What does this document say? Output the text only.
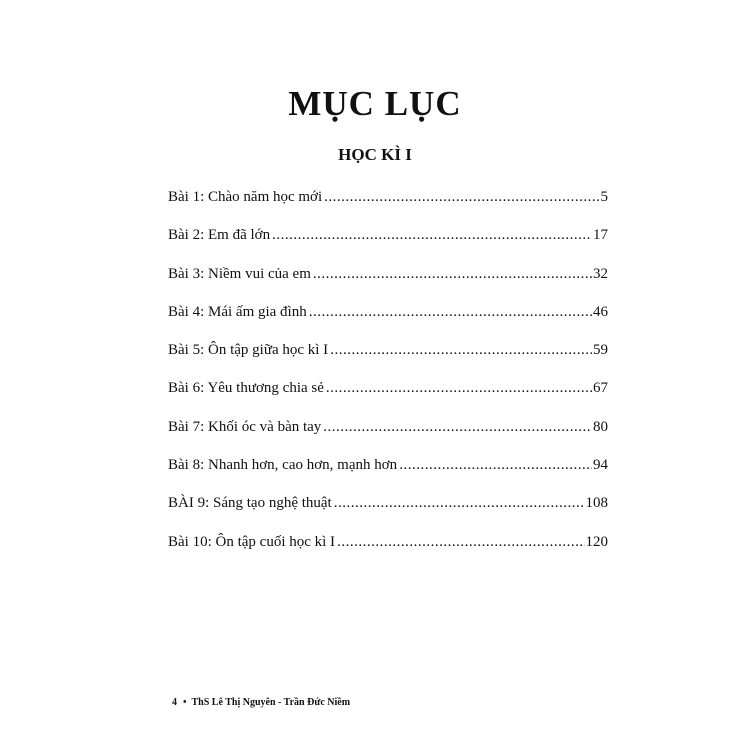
MỤC LỤC
HỌC KÌ I
Bài 1: Chào năm học mới .....	5
Bài 2: Em đã lớn .....	17
Bài 3: Niềm vui của em .....	32
Bài 4: Mái ấm gia đình .....	46
Bài 5: Ôn tập giữa học kì I .....	59
Bài 6: Yêu thương chia sẻ .....	67
Bài 7: Khối óc và bàn tay .....	80
Bài 8: Nhanh hơn, cao hơn, mạnh hơn .....	94
BÀI 9: Sáng tạo nghệ thuật .....	108
Bài 10: Ôn tập cuối học kì I .....	120
4 • ThS Lê Thị Nguyên - Trần Đức Niềm
